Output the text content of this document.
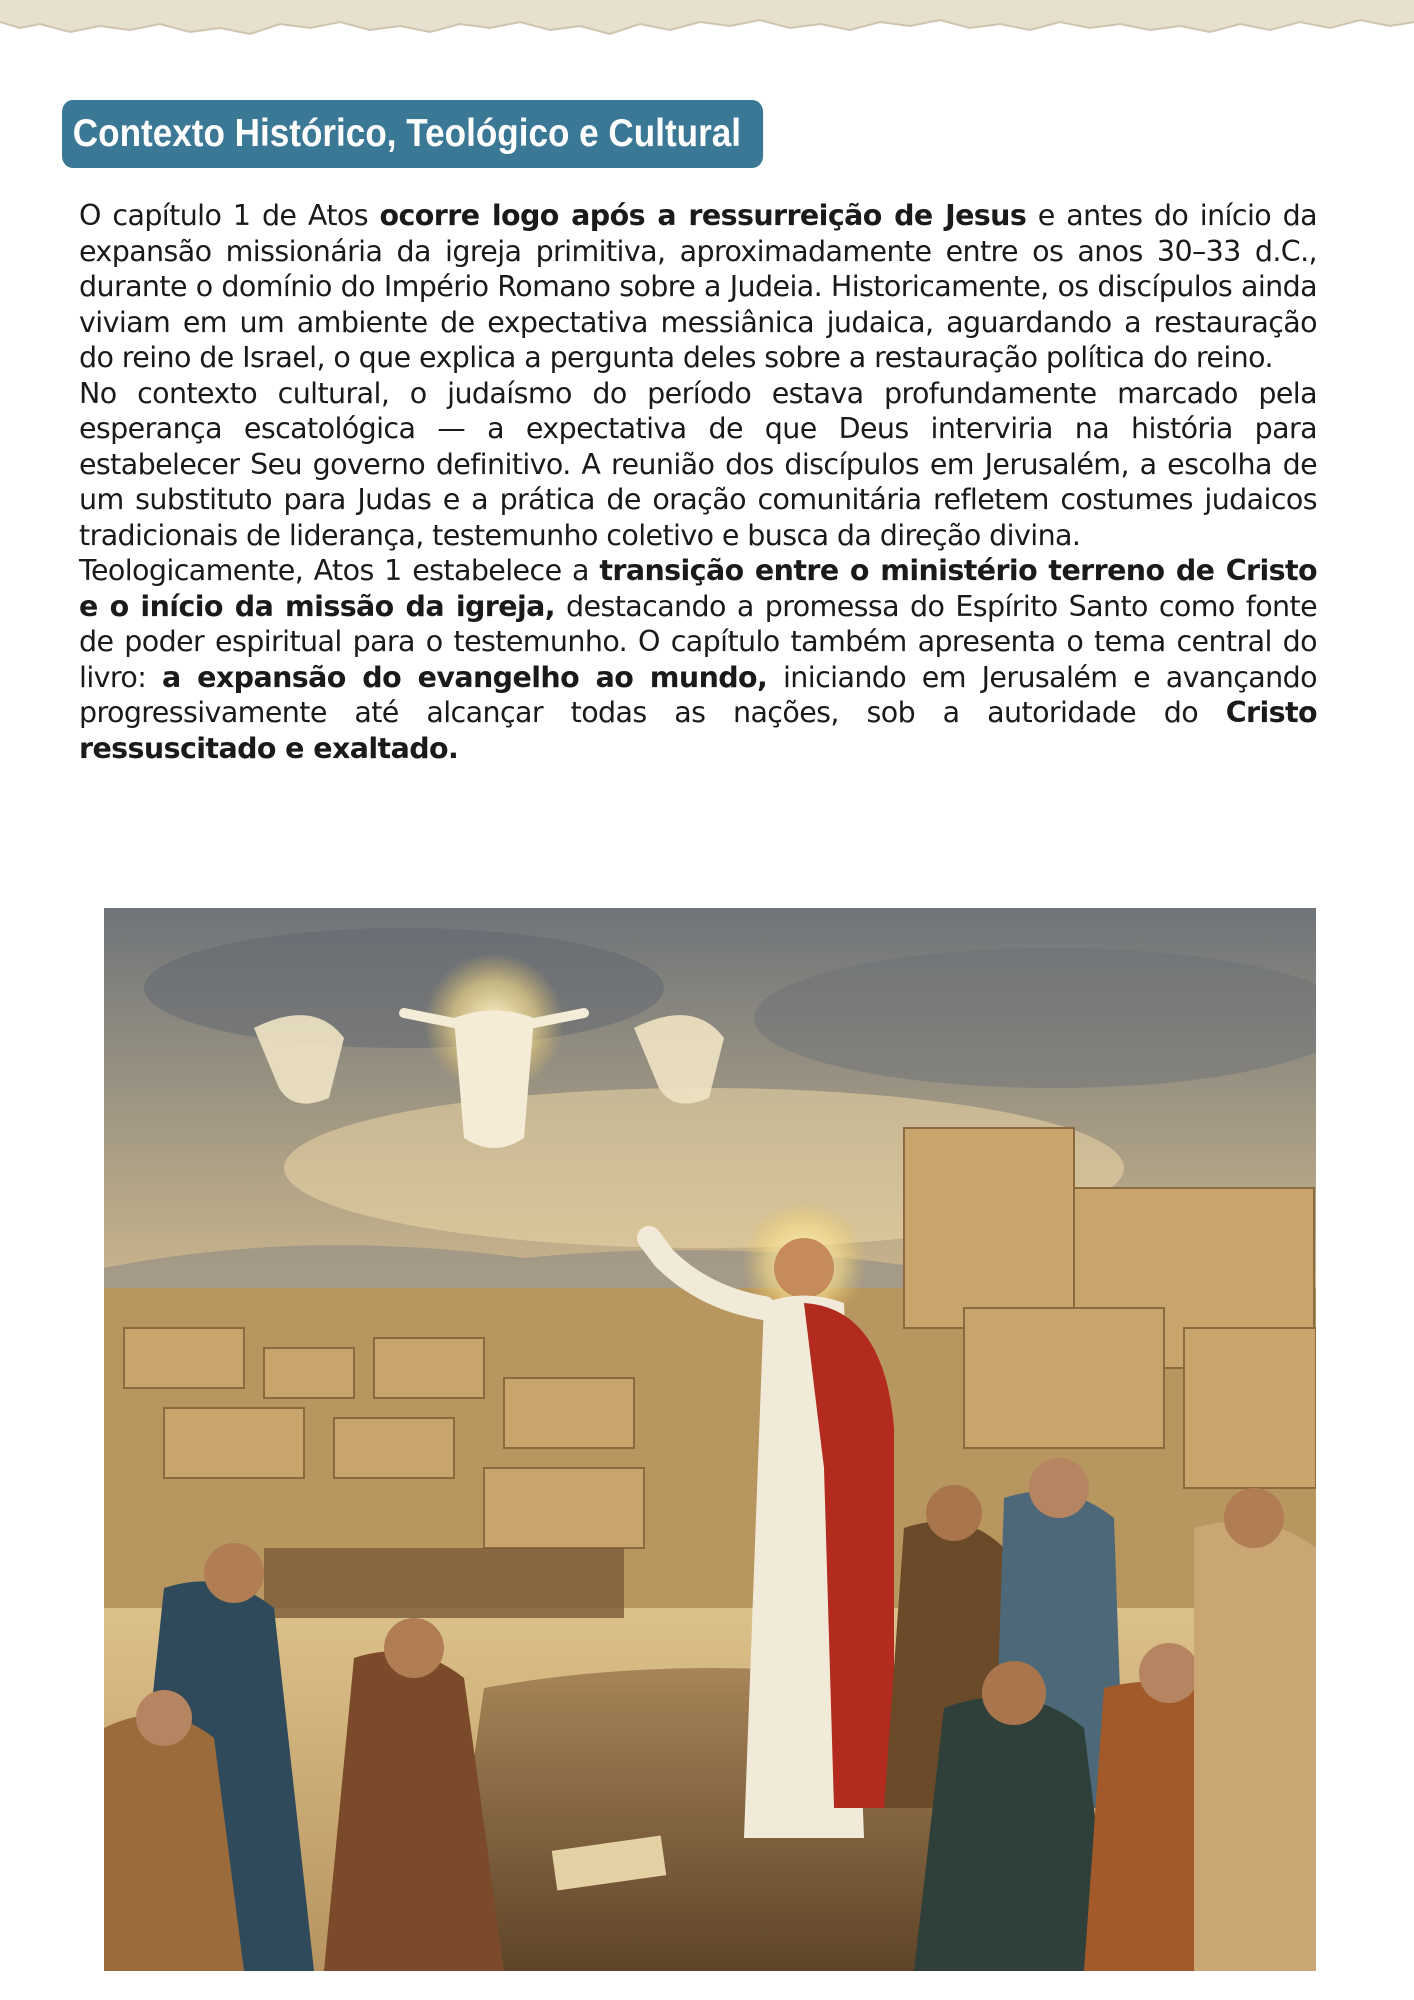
Contexto Histórico, Teológico e Cultural

O capítulo 1 de Atos ocorre logo após a ressurreição de Jesus e antes do início da expansão missionária da igreja primitiva, aproximadamente entre os anos 30–33 d.C., durante o domínio do Império Romano sobre a Judeia. Historicamente, os discípulos ainda viviam em um ambiente de expectativa messiânica judaica, aguardando a restauração do reino de Israel, o que explica a pergunta deles sobre a restauração política do reino.

No contexto cultural, o judaísmo do período estava profundamente marcado pela esperança escatológica — a expectativa de que Deus interviria na história para estabelecer Seu governo definitivo. A reunião dos discípulos em Jerusalém, a escolha de um substituto para Judas e a prática de oração comunitária refletem costumes judaicos tradicionais de liderança, testemunho coletivo e busca da direção divina.

Teologicamente, Atos 1 estabelece a transição entre o ministério terreno de Cristo e o início da missão da igreja, destacando a promessa do Espírito Santo como fonte de poder espiritual para o testemunho. O capítulo também apresenta o tema central do livro: a expansão do evangelho ao mundo, iniciando em Jerusalém e avançando progressivamente até alcançar todas as nações, sob a autoridade do Cristo ressuscitado e exaltado.
